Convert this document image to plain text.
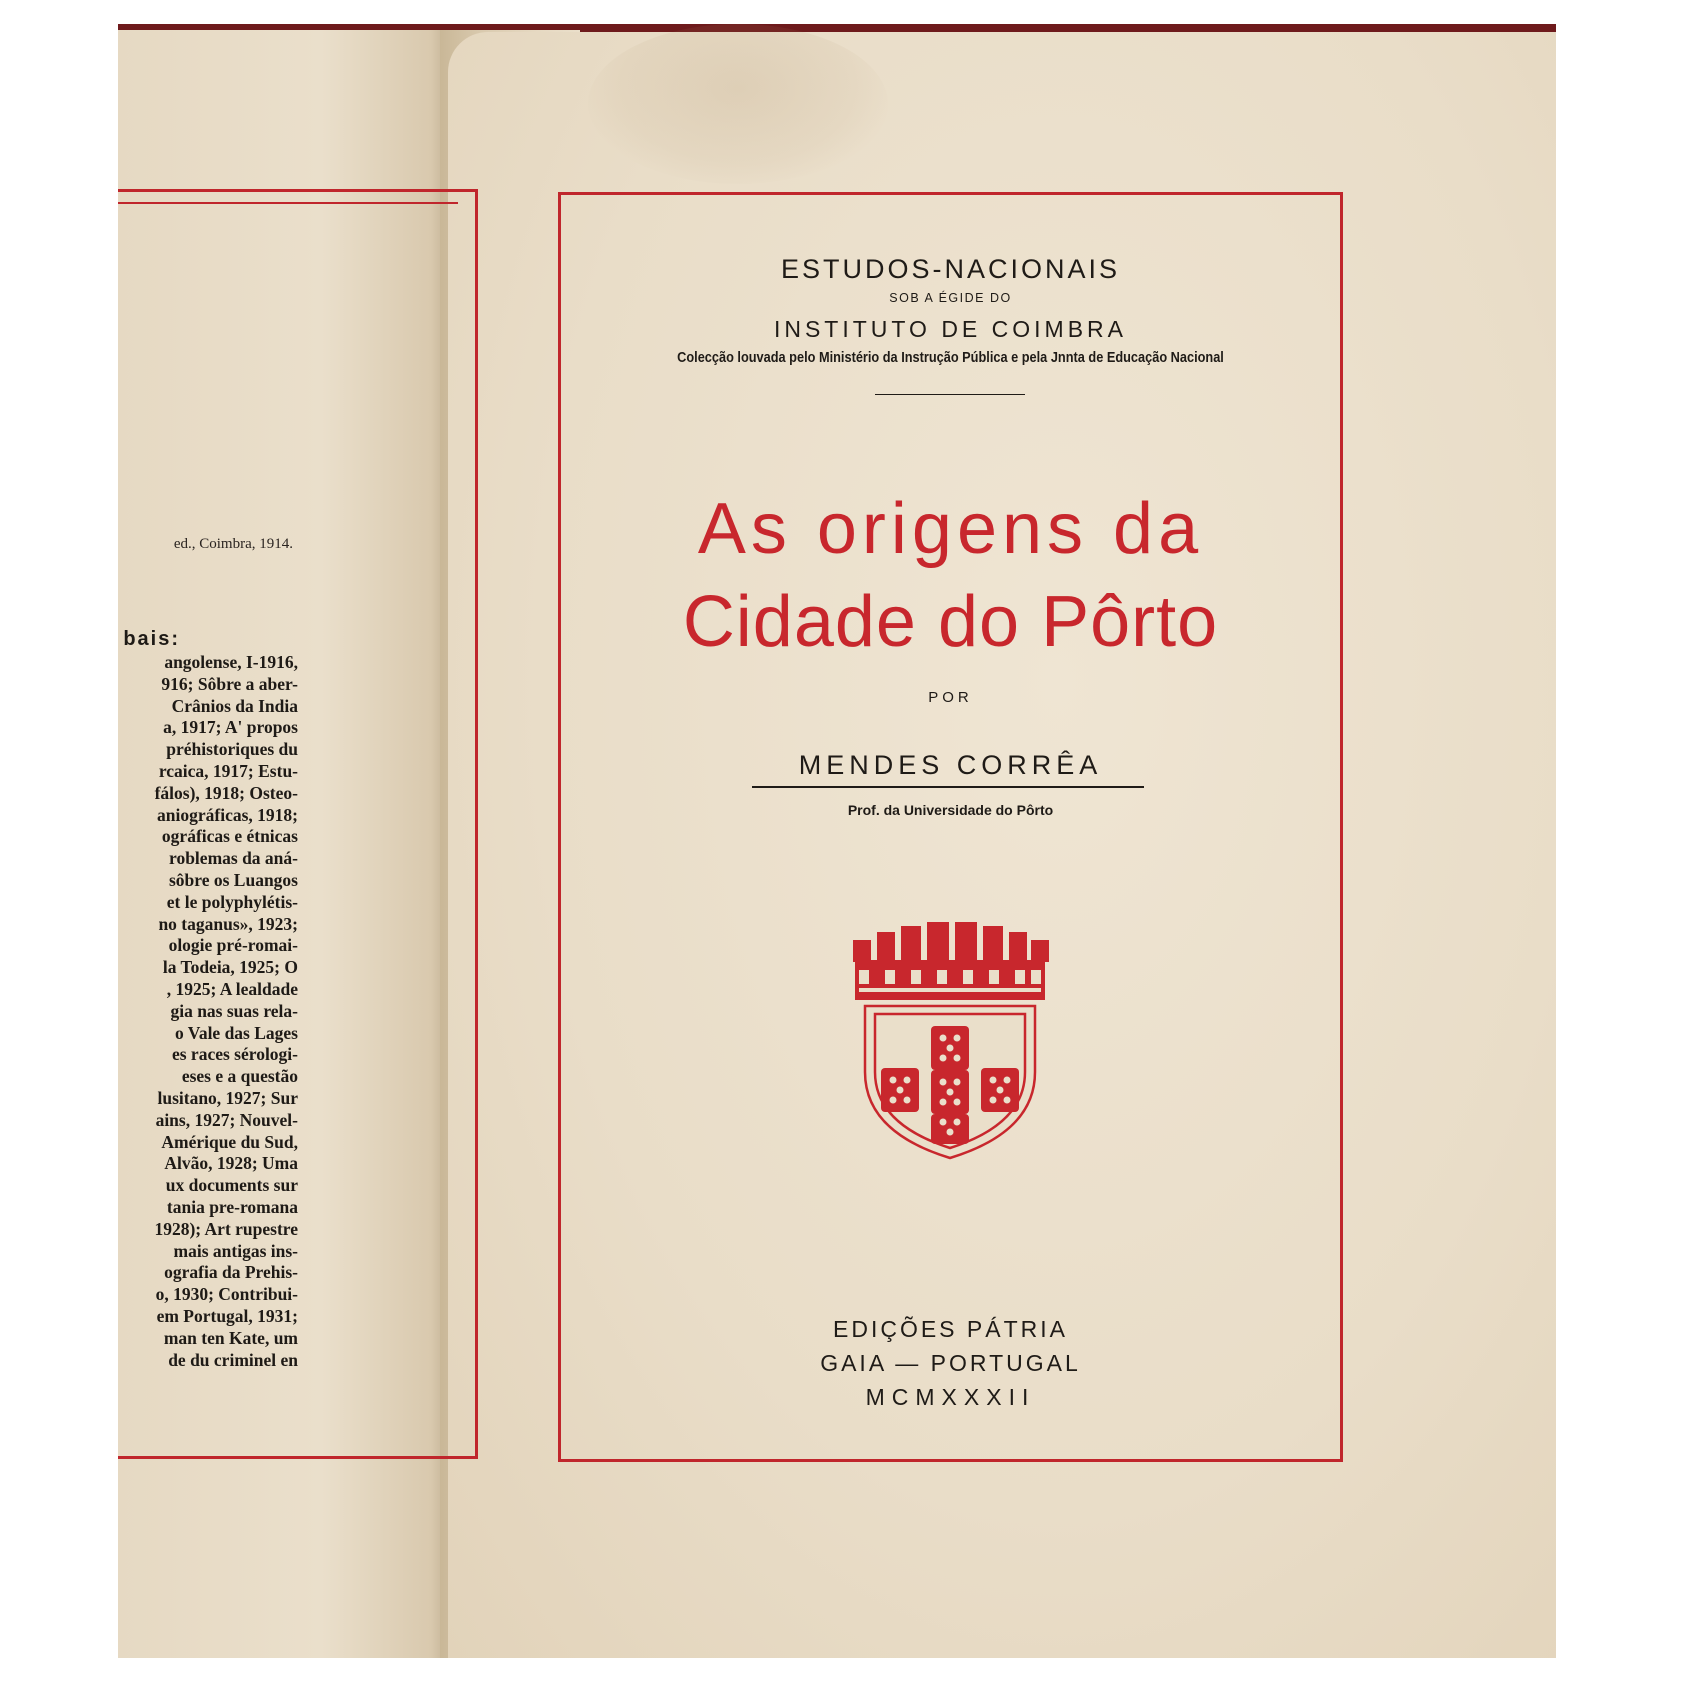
ed., Coimbra, 1914.
bais:
angolense, I-1916,
916; Sôbre a aber-
Crânios da India
a, 1917; A' propos
préhistoriques du
rcaica, 1917; Estu-
fálos), 1918; Osteo-
aniográficas, 1918;
ográficas e étnicas
roblemas da aná-
sôbre os Luangos
et le polyphylétis-
no taganus», 1923;
ologie pré-romai-
la Todeia, 1925; O
, 1925; A lealdade
gia nas suas rela-
o Vale das Lages
es races sérologi-
eses e a questão
lusitano, 1927; Sur
ains, 1927; Nouvel-
Amérique du Sud,
Alvão, 1928; Uma
ux documents sur
tania pre-romana
1928); Art rupestre
mais antigas ins-
ografia da Prehis-
o, 1930; Contribui-
em Portugal, 1931;
man ten Kate, um
de du criminel en
ESTUDOS-NACIONAIS
SOB A ÉGIDE DO
INSTITUTO DE COIMBRA
Colecção louvada pelo Ministério da Instrução Pública e pela Jnnta de Educação Nacional
As origens da
Cidade do Pôrto
POR
MENDES CORRÊA
Prof. da Universidade do Pôrto
EDIÇÕES PÁTRIA
GAIA — PORTUGAL
MCMXXXII
